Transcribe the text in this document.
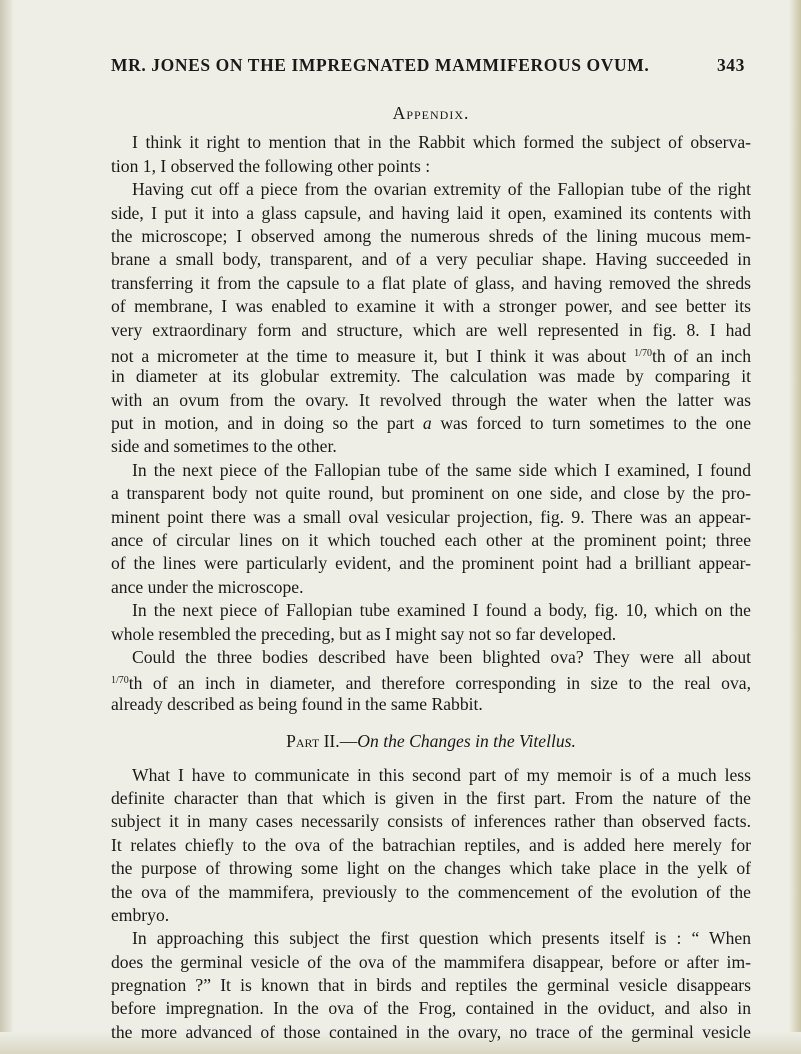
MR. JONES ON THE IMPREGNATED MAMMIFEROUS OVUM.	343
Appendix.
I think it right to mention that in the Rabbit which formed the subject of observa-
tion 1, I observed the following other points :
Having cut off a piece from the ovarian extremity of the Fallopian tube of the right
side, I put it into a glass capsule, and having laid it open, examined its contents with
the microscope; I observed among the numerous shreds of the lining mucous mem-
brane a small body, transparent, and of a very peculiar shape. Having succeeded in
transferring it from the capsule to a flat plate of glass, and having removed the shreds
of membrane, I was enabled to examine it with a stronger power, and see better its
very extraordinary form and structure, which are well represented in fig. 8. I had
not a micrometer at the time to measure it, but I think it was about $^{1/70}$th of an inch
in diameter at its globular extremity. The calculation was made by comparing it
with an ovum from the ovary. It revolved through the water when the latter was
put in motion, and in doing so the part a was forced to turn sometimes to the one
side and sometimes to the other.
In the next piece of the Fallopian tube of the same side which I examined, I found
a transparent body not quite round, but prominent on one side, and close by the pro-
minent point there was a small oval vesicular projection, fig. 9. There was an appear-
ance of circular lines on it which touched each other at the prominent point; three
of the lines were particularly evident, and the prominent point had a brilliant appear-
ance under the microscope.
In the next piece of Fallopian tube examined I found a body, fig. 10, which on the
whole resembled the preceding, but as I might say not so far developed.
Could the three bodies described have been blighted ova? They were all about
$^{1/70}$th of an inch in diameter, and therefore corresponding in size to the real ova,
already described as being found in the same Rabbit.
Part II.—On the Changes in the Vitellus.
What I have to communicate in this second part of my memoir is of a much less
definite character than that which is given in the first part. From the nature of the
subject it in many cases necessarily consists of inferences rather than observed facts.
It relates chiefly to the ova of the batrachian reptiles, and is added here merely for
the purpose of throwing some light on the changes which take place in the yelk of
the ova of the mammifera, previously to the commencement of the evolution of the
embryo.
In approaching this subject the first question which presents itself is : “ When
does the germinal vesicle of the ova of the mammifera disappear, before or after im-
pregnation ?” It is known that in birds and reptiles the germinal vesicle disappears
before impregnation. In the ova of the Frog, contained in the oviduct, and also in
the more advanced of those contained in the ovary, no trace of the germinal vesicle
